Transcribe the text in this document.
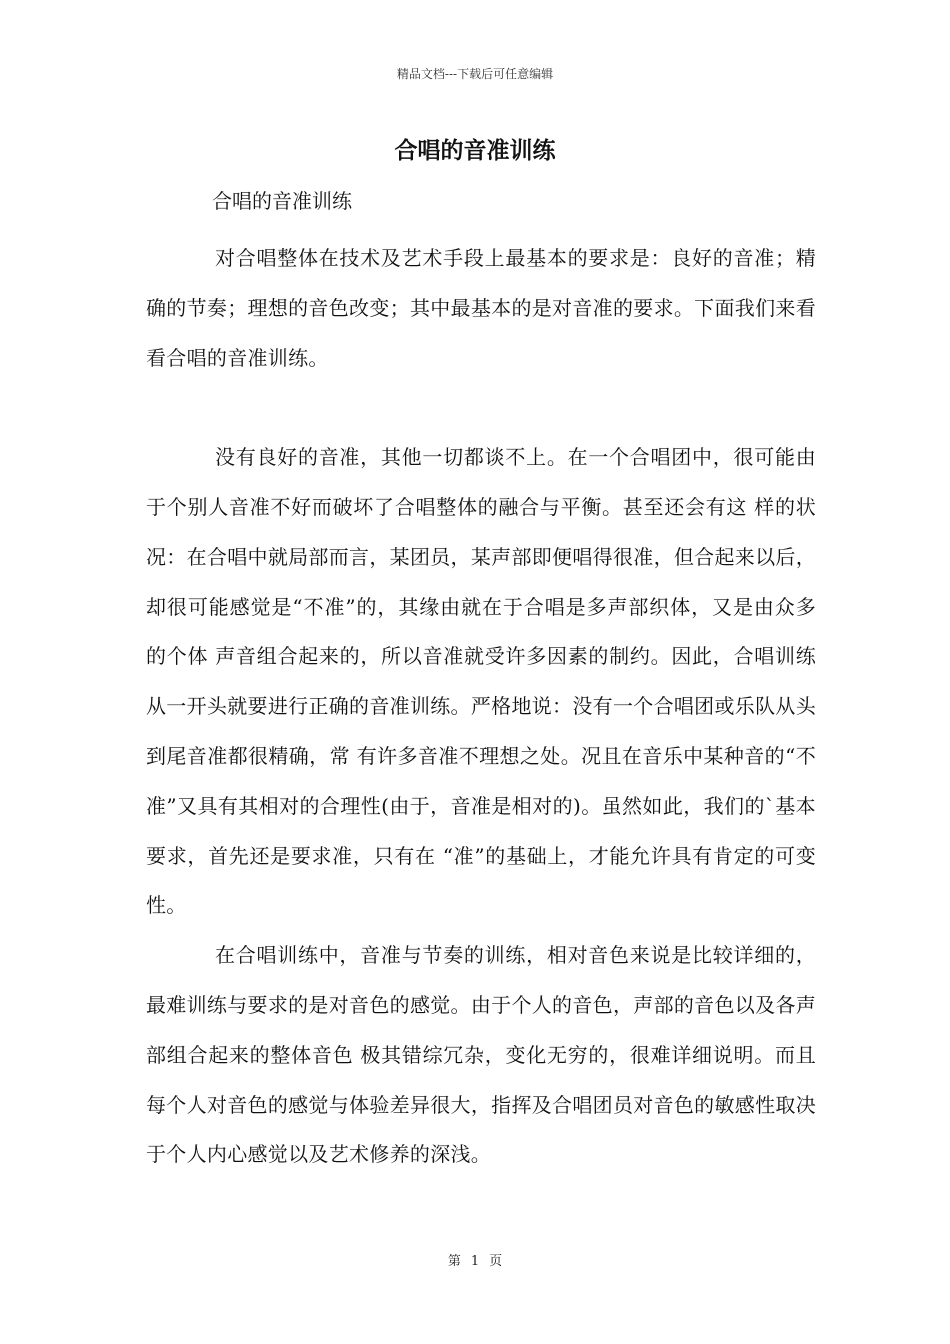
精品文档---下载后可任意编辑
合唱的音准训练
合唱的音准训练

对合唱整体在技术及艺术手段上最基本的要求是：良好的音准；精确的节奏；理想的音色改变；其中最基本的是对音准的要求。下面我们来看看合唱的音准训练。

没有良好的音准，其他一切都谈不上。在一个合唱团中，很可能由于个别人音准不好而破坏了合唱整体的融合与平衡。甚至还会有这 样的状况：在合唱中就局部而言，某团员，某声部即便唱得很准，但合起来以后，却很可能感觉是“不准”的，其缘由就在于合唱是多声部织体，又是由众多的个体 声音组合起来的，所以音准就受许多因素的制约。因此，合唱训练从一开头就要进行正确的音准训练。严格地说：没有一个合唱团或乐队从头到尾音准都很精确，常 有许多音准不理想之处。况且在音乐中某种音的“不准”又具有其相对的合理性(由于，音准是相对的)。虽然如此，我们的`基本要求，首先还是要求准，只有在 “准”的基础上，才能允许具有肯定的可变性。

在合唱训练中，音准与节奏的训练，相对音色来说是比较详细的，最难训练与要求的是对音色的感觉。由于个人的音色，声部的音色以及各声部组合起来的整体音色 极其错综冗杂，变化无穷的，很难详细说明。而且每个人对音色的感觉与体验差异很大，指挥及合唱团员对音色的敏感性取决于个人内心感觉以及艺术修养的深浅。

第 1 页
